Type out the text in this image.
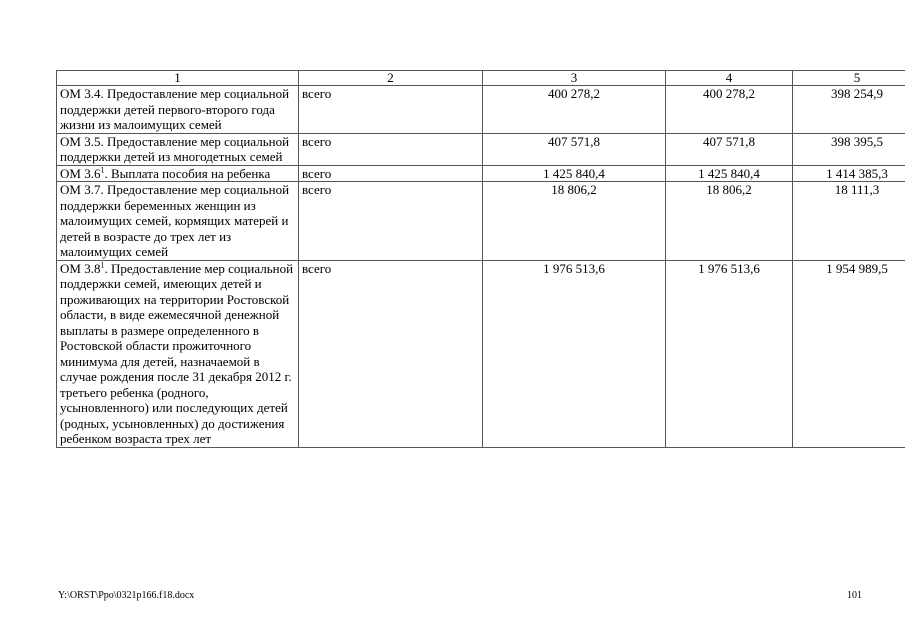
1	2	3	4	5
ОМ 3.4. Предоставление мер социальной поддержки детей первого-второго года жизни из малоимущих семей	всего	400 278,2	400 278,2	398 254,9
ОМ 3.5. Предоставление мер социальной поддержки детей из многодетных семей	всего	407 571,8	407 571,8	398 395,5
ОМ $3.6^1$. Выплата пособия на ребенка	всего	1 425 840,4	1 425 840,4	1 414 385,3
ОМ 3.7. Предоставление мер социальной поддержки беременных женщин из малоимущих семей, кормящих матерей и детей в возрасте до трех лет из малоимущих семей	всего	18 806,2	18 806,2	18 111,3
ОМ $3.8^1$. Предоставление мер социальной поддержки семей, имеющих детей и проживающих на территории Ростовской области, в виде ежемесячной денежной выплаты в размере определенного в Ростовской области прожиточного минимума для детей, назначаемой в случае рождения после 31 декабря 2012 г. третьего ребенка (родного, усыновленного) или последующих детей (родных, усыновленных) до достижения ребенком возраста трех лет	всего	1 976 513,6	1 976 513,6	1 954 989,5
Y:\ORST\Ppo\0321p166.f18.docx	101
